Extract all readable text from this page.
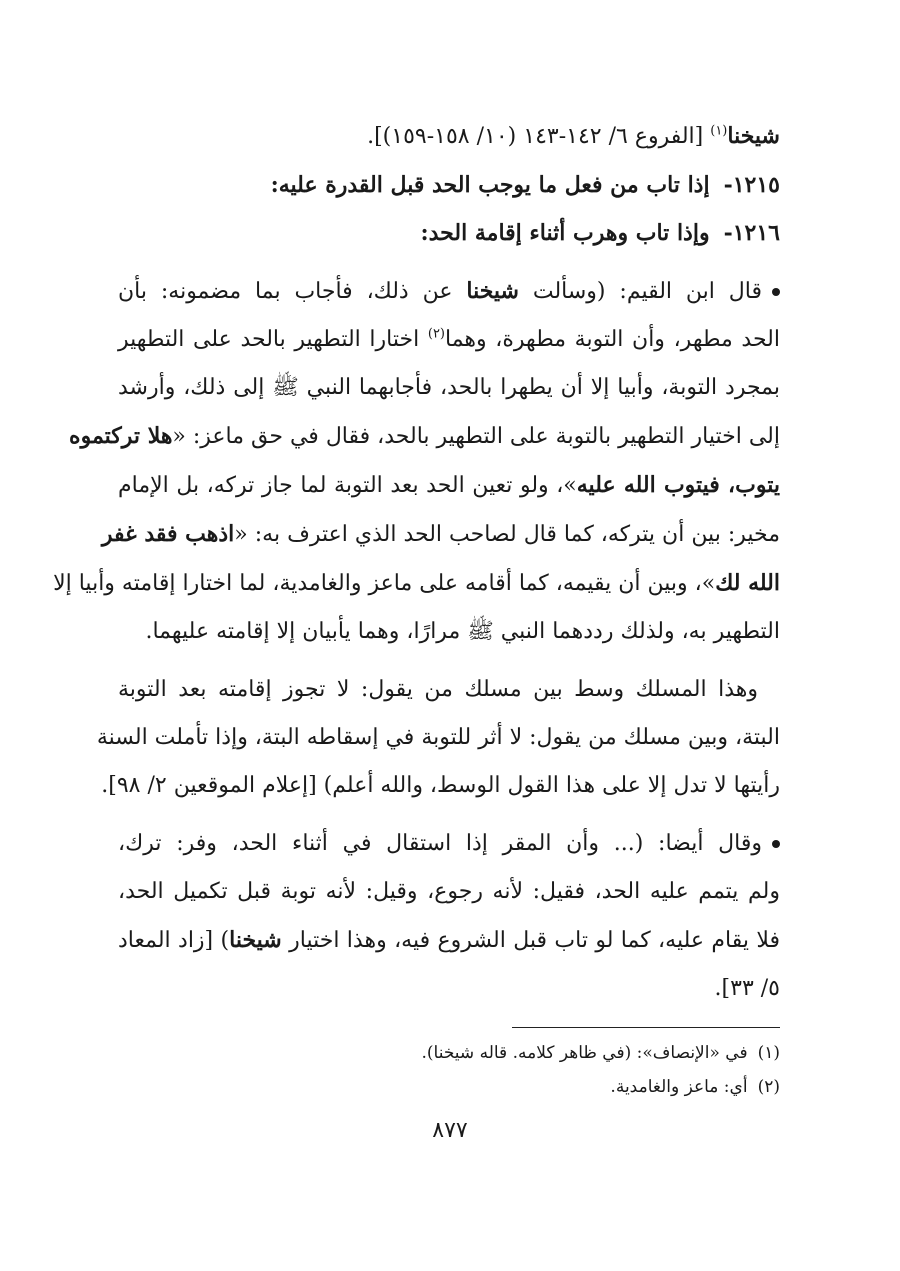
شيخنا$^{(١)}$ [الفروع ٦/ ١٤٢-١٤٣ (١٠/ ١٥٨-١٥٩)].
١٢١٥-إذا تاب من فعل ما يوجب الحد قبل القدرة عليه:
١٢١٦-وإذا تاب وهرب أثناء إقامة الحد:
قال ابن القيم: (وسألت شيخنا عن ذلك، فأجاب بما مضمونه: بأن
الحد مطهر، وأن التوبة مطهرة، وهما$^{(٢)}$ اختارا التطهير بالحد على التطهير
بمجرد التوبة، وأبيا إلا أن يطهرا بالحد، فأجابهما النبي ﷺ إلى ذلك، وأرشد
إلى اختيار التطهير بالتوبة على التطهير بالحد، فقال في حق ماعز: «هلا تركتموه
يتوب، فيتوب الله عليه»، ولو تعين الحد بعد التوبة لما جاز تركه، بل الإمام
مخير: بين أن يتركه، كما قال لصاحب الحد الذي اعترف به: «اذهب فقد غفر
الله لك»، وبين أن يقيمه، كما أقامه على ماعز والغامدية، لما اختارا إقامته وأبيا إلا
التطهير به، ولذلك رددهما النبي ﷺ مرارًا، وهما يأبيان إلا إقامته عليهما.
وهذا المسلك وسط بين مسلك من يقول: لا تجوز إقامته بعد التوبة
البتة، وبين مسلك من يقول: لا أثر للتوبة في إسقاطه البتة، وإذا تأملت السنة
رأيتها لا تدل إلا على هذا القول الوسط، والله أعلم) [إعلام الموقعين ٢/ ٩٨].
وقال أيضا: (... وأن المقر إذا استقال في أثناء الحد، وفر: ترك،
ولم يتمم عليه الحد، فقيل: لأنه رجوع، وقيل: لأنه توبة قبل تكميل الحد،
فلا يقام عليه، كما لو تاب قبل الشروع فيه، وهذا اختيار شيخنا) [زاد المعاد
٥/ ٣٣].
(١)في «الإنصاف»: (في ظاهر كلامه. قاله شيخنا).
(٢)أي: ماعز والغامدية.
٨٧٧
